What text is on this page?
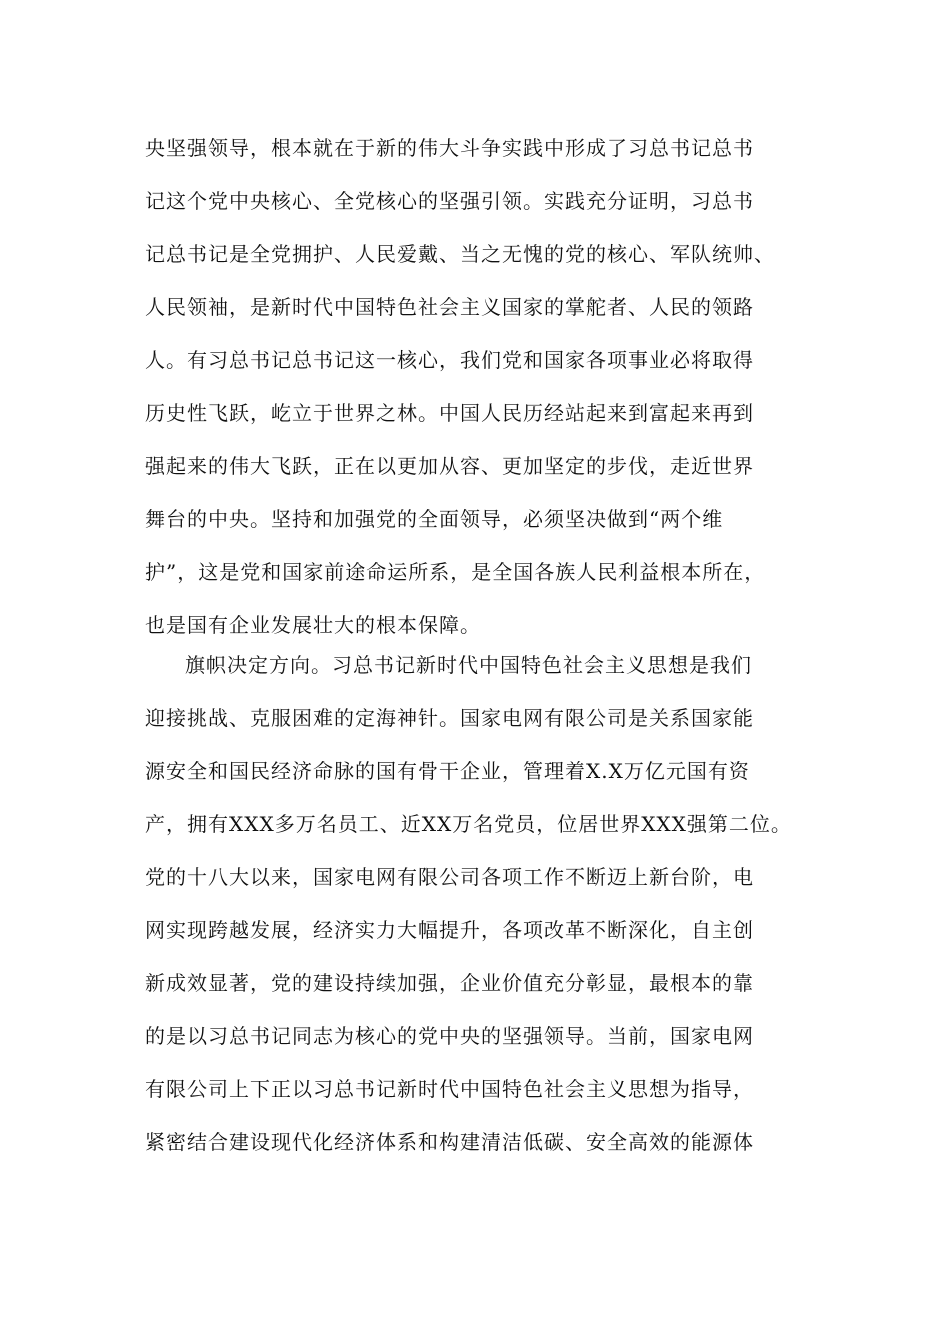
央坚强领导，根本就在于新的伟大斗争实践中形成了习总书记总书
记这个党中央核心、全党核心的坚强引领。实践充分证明，习总书
记总书记是全党拥护、人民爱戴、当之无愧的党的核心、军队统帅、
人民领袖，是新时代中国特色社会主义国家的掌舵者、人民的领路
人。有习总书记总书记这一核心，我们党和国家各项事业必将取得
历史性飞跃，屹立于世界之林。中国人民历经站起来到富起来再到
强起来的伟大飞跃，正在以更加从容、更加坚定的步伐，走近世界
舞台的中央。坚持和加强党的全面领导，必须坚决做到“两个维
护”，这是党和国家前途命运所系，是全国各族人民利益根本所在，
也是国有企业发展壮大的根本保障。
旗帜决定方向。习总书记新时代中国特色社会主义思想是我们
迎接挑战、克服困难的定海神针。国家电网有限公司是关系国家能
源安全和国民经济命脉的国有骨干企业，管理着X.X万亿元国有资
产，拥有XXX多万名员工、近XX万名党员，位居世界XXX强第二位。
党的十八大以来，国家电网有限公司各项工作不断迈上新台阶，电
网实现跨越发展，经济实力大幅提升，各项改革不断深化，自主创
新成效显著，党的建设持续加强，企业价值充分彰显，最根本的靠
的是以习总书记同志为核心的党中央的坚强领导。当前，国家电网
有限公司上下正以习总书记新时代中国特色社会主义思想为指导，
紧密结合建设现代化经济体系和构建清洁低碳、安全高效的能源体
